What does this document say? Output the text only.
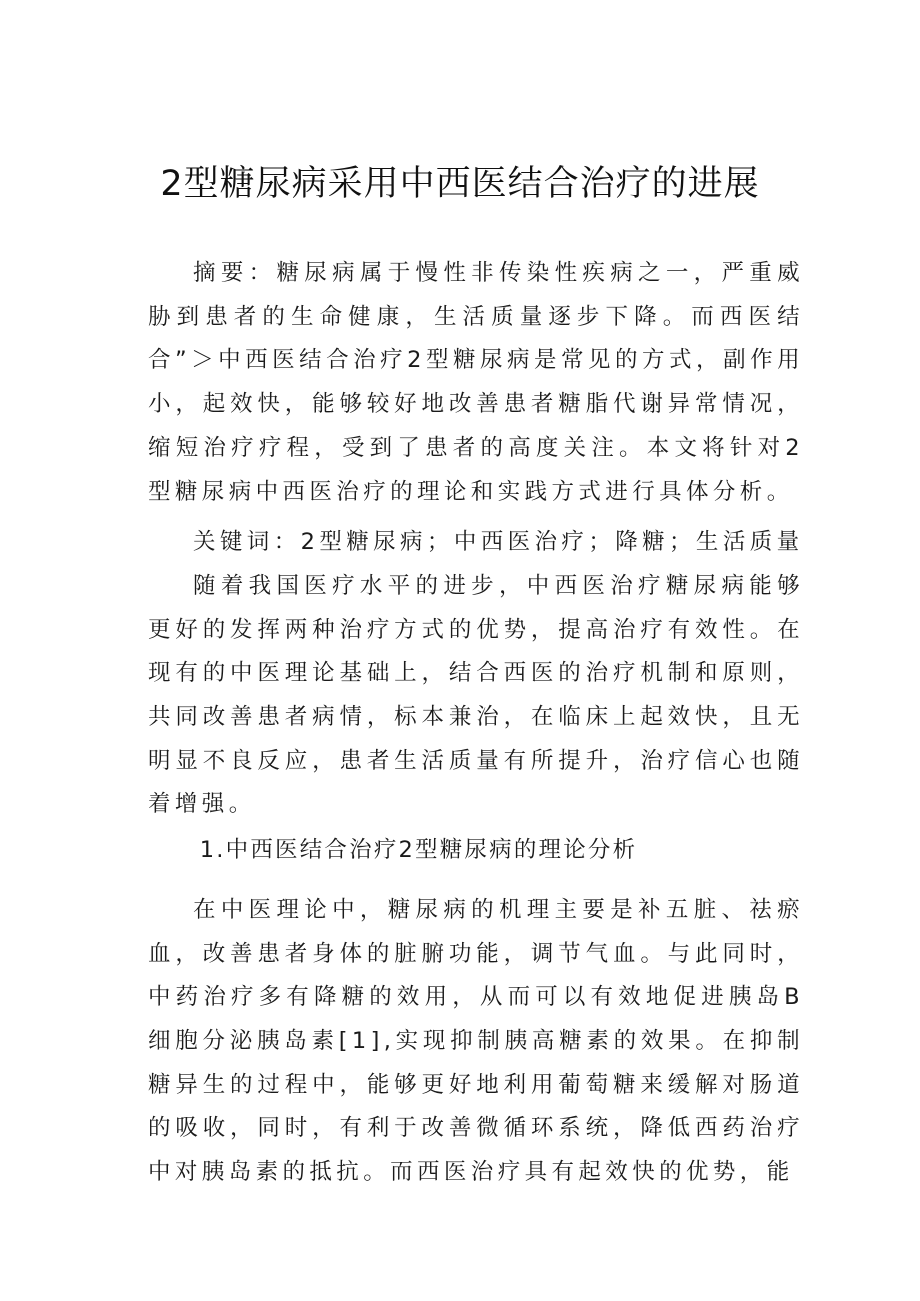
2型糖尿病采用中西医结合治疗的进展

摘要：糖尿病属于慢性非传染性疾病之一，严重威胁到患者的生命健康，生活质量逐步下降。而西医结合”＞中西医结合治疗2型糖尿病是常见的方式，副作用小，起效快，能够较好地改善患者糖脂代谢异常情况，缩短治疗疗程，受到了患者的高度关注。本文将针对2型糖尿病中西医治疗的理论和实践方式进行具体分析。

关键词：2型糖尿病；中西医治疗；降糖；生活质量

随着我国医疗水平的进步，中西医治疗糖尿病能够更好的发挥两种治疗方式的优势，提高治疗有效性。在现有的中医理论基础上，结合西医的治疗机制和原则，共同改善患者病情，标本兼治，在临床上起效快，且无明显不良反应，患者生活质量有所提升，治疗信心也随着增强。

1.中西医结合治疗2型糖尿病的理论分析

在中医理论中，糖尿病的机理主要是补五脏、祛瘀血，改善患者身体的脏腑功能，调节气血。与此同时，中药治疗多有降糖的效用，从而可以有效地促进胰岛B细胞分泌胰岛素[1],实现抑制胰高糖素的效果。在抑制糖异生的过程中，能够更好地利用葡萄糖来缓解对肠道的吸收，同时，有利于改善微循环系统，降低西药治疗中对胰岛素的抵抗。而西医治疗具有起效快的优势，能
